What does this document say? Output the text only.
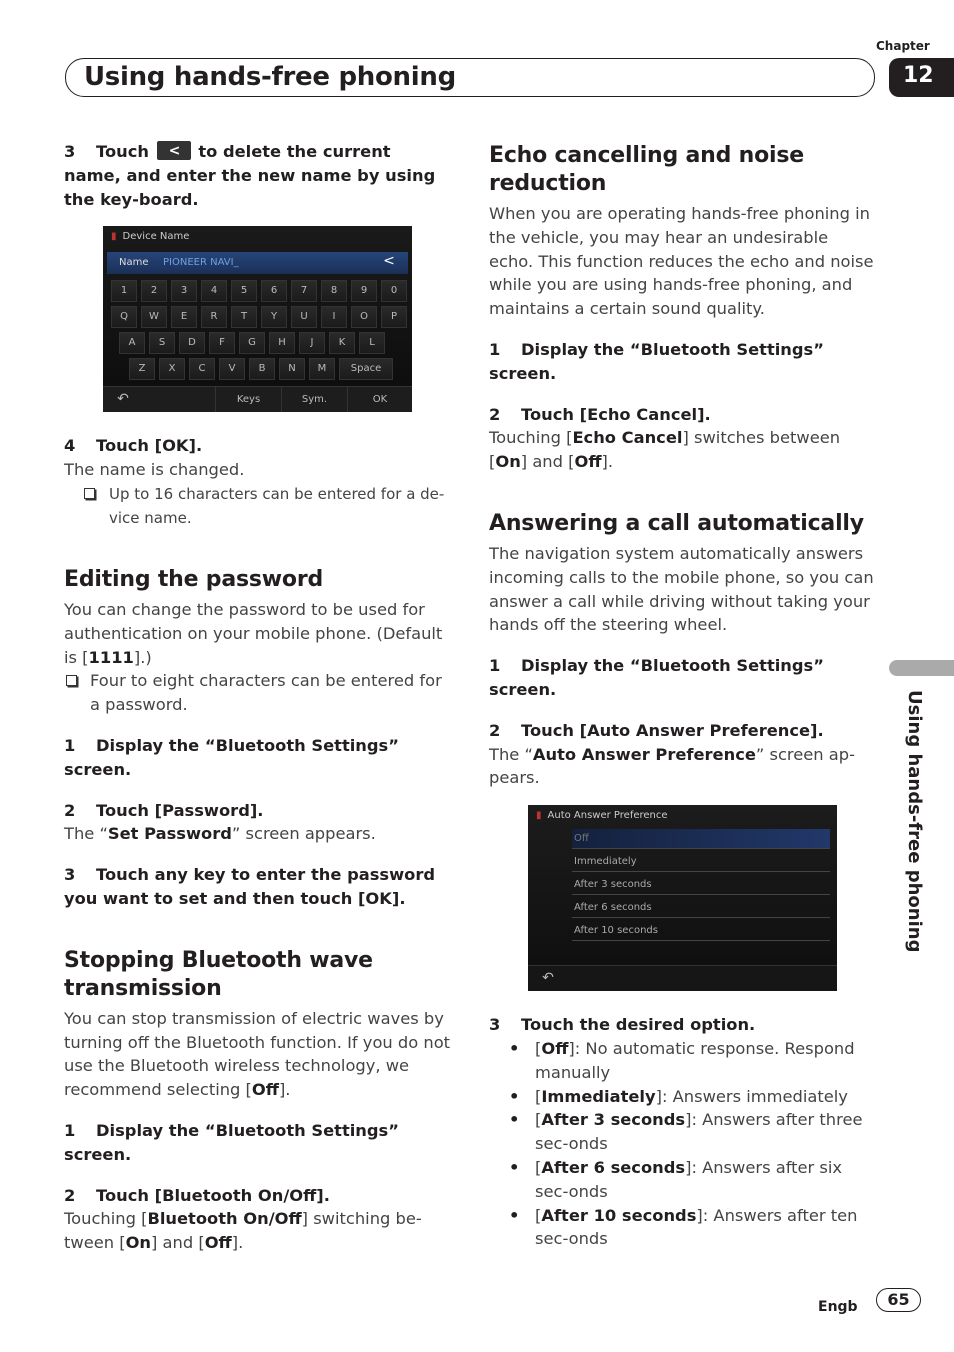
Chapter
Using hands-free phoning	12
3 Touch < to delete the current name, and enter the new name by using the key-board.
▮ Device Name
Name PIONEER NAVI_	<
1	2	3	4	5	6	7	8	9	0
Q	W	E	R	T	Y	U	I	O	P
A	S	D	F	G	H	J	K	L
Z	X	C	V	B	N	M	Space
↶	Keys	Sym.	OK
4 Touch [OK].

The name is changed.

Up to 16 characters can be entered for a de-vice name.
Editing the password

You can change the password to be used for authentication on your mobile phone. (Default is [1111].)

Four to eight characters can be entered for a password.
1 Display the “Bluetooth Settings” screen.
2 Touch [Password].

The “Set Password” screen appears.

3 Touch any key to enter the password you want to set and then touch [OK].
Stopping Bluetooth wave transmission

You can stop transmission of electric waves by turning off the Bluetooth function. If you do not use the Bluetooth wireless technology, we recommend selecting [Off].

1 Display the “Bluetooth Settings” screen.
2 Touch [Bluetooth On/Off].

Touching [Bluetooth On/Off] switching be-tween [On] and [Off].

Echo cancelling and noise reduction

When you are operating hands-free phoning in the vehicle, you may hear an undesirable echo. This function reduces the echo and noise while you are using hands-free phoning, and maintains a certain sound quality.

1 Display the “Bluetooth Settings” screen.
2 Touch [Echo Cancel].

Touching [Echo Cancel] switches between [On] and [Off].

Answering a call automatically

The navigation system automatically answers incoming calls to the mobile phone, so you can answer a call while driving without taking your hands off the steering wheel.

1 Display the “Bluetooth Settings” screen.
2 Touch [Auto Answer Preference].

The “Auto Answer Preference” screen ap-pears.

▮ Auto Answer Preference
Off
Immediately
After 3 seconds
After 6 seconds
After 10 seconds
↶
3 Touch the desired option.
• [Off]: No automatic response. Respond manually
• [Immediately]: Answers immediately
• [After 3 seconds]: Answers after three sec-onds
• [After 6 seconds]: Answers after six sec-onds
• [After 10 seconds]: Answers after ten sec-onds
Using hands-free phoning
Engb	65
